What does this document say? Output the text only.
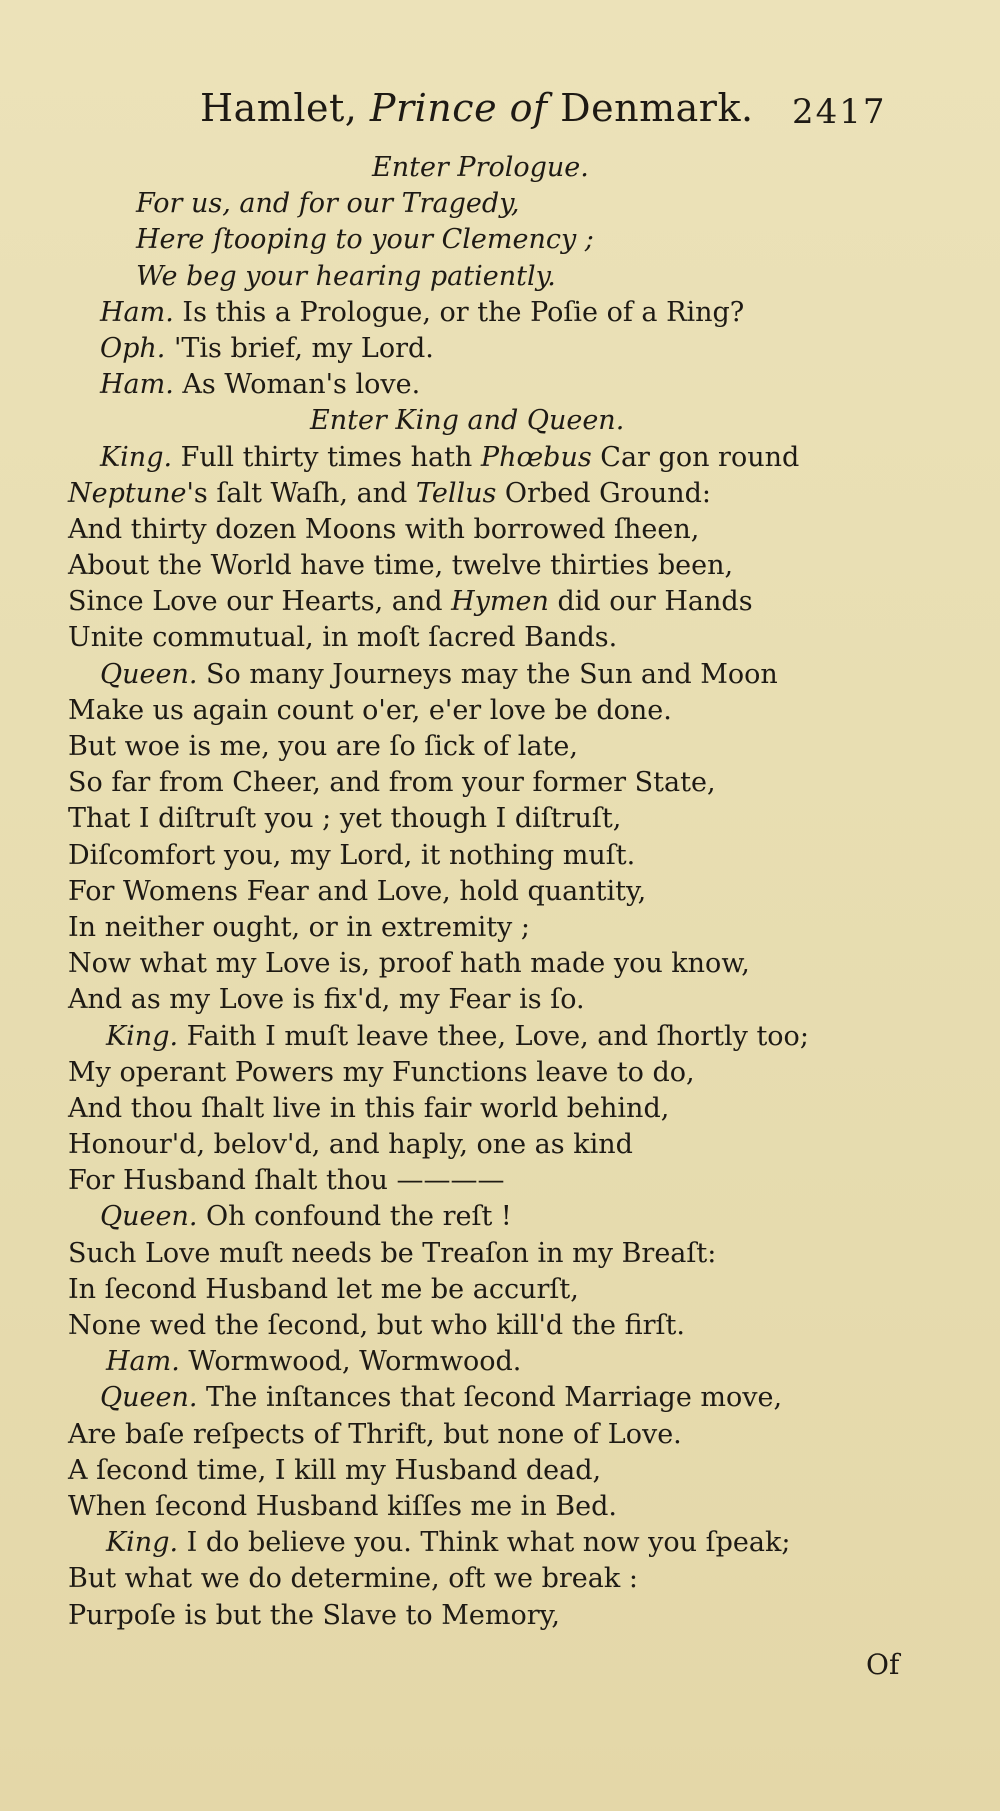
Hamlet, Prince of Denmark. 2417
Enter Prologue.
For us, and for our Tragedy,
Here ſtooping to your Clemency ;
We beg your hearing patiently.
Ham. Is this a Prologue, or the Poſie of a Ring?
Oph. 'Tis brief, my Lord.
Ham. As Woman's love.
Enter King and Queen.
King. Full thirty times hath Phœbus Car gon round
Neptune's ſalt Waſh, and Tellus Orbed Ground:
And thirty dozen Moons with borrowed ſheen,
About the World have time, twelve thirties been,
Since Love our Hearts, and Hymen did our Hands
Unite commutual, in moſt ſacred Bands.
Queen. So many Journeys may the Sun and Moon
Make us again count o'er, e'er love be done.
But woe is me, you are ſo ſick of late,
So far from Cheer, and from your former State,
That I diſtruſt you ; yet though I diſtruſt,
Diſcomfort you, my Lord, it nothing muſt.
For Womens Fear and Love, hold quantity,
In neither ought, or in extremity ;
Now what my Love is, proof hath made you know,
And as my Love is fix'd, my Fear is ſo.
King. Faith I muſt leave thee, Love, and ſhortly too;
My operant Powers my Functions leave to do,
And thou ſhalt live in this fair world behind,
Honour'd, belov'd, and haply, one as kind
For Husband ſhalt thou ————
Queen. Oh confound the reſt !
Such Love muſt needs be Treaſon in my Breaſt:
In ſecond Husband let me be accurſt,
None wed the ſecond, but who kill'd the firſt.
Ham. Wormwood, Wormwood.
Queen. The inſtances that ſecond Marriage move,
Are baſe reſpects of Thrift, but none of Love.
A ſecond time, I kill my Husband dead,
When ſecond Husband kiſſes me in Bed.
King. I do believe you. Think what now you ſpeak;
But what we do determine, oft we break :
Purpoſe is but the Slave to Memory,
Of
